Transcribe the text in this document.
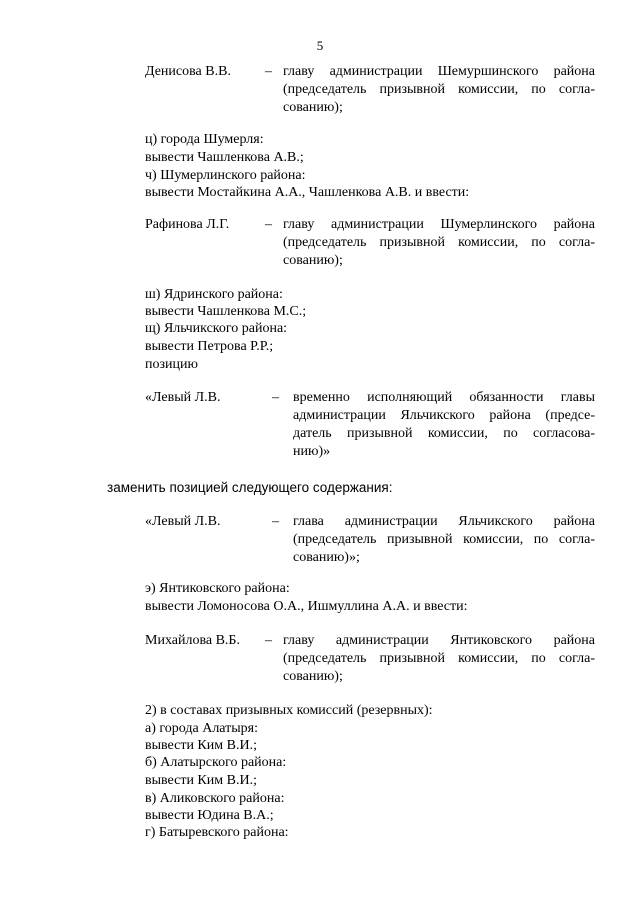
5
Денисова В.В. – главу администрации Шемуршинского района
(председатель призывной комиссии, по согла-
сованию);
ц) города Шумерля:
вывести Чашленкова А.В.;
ч) Шумерлинского района:
вывести Мостайкина А.А., Чашленкова А.В. и ввести:
Рафинова Л.Г.	– главу администрации Шумерлинского района
(председатель призывной комиссии, по согла-
сованию);
ш) Ядринского района:
вывести Чашленкова М.С.;
щ) Яльчикского района:
вывести Петрова Р.Р.;
позицию
«Левый Л.В.	– временно исполняющий обязанности главы
администрации Яльчикского района (предсе-
датель призывной комиссии, по согласова-
нию)»
заменить позицией следующего содержания:
«Левый Л.В.	– глава администрации Яльчикского района
(председатель призывной комиссии, по согла-
сованию)»;
э) Янтиковского района:
вывести Ломоносова О.А., Ишмуллина А.А. и ввести:
Михайлова В.Б. – главу администрации Янтиковского района
(председатель призывной комиссии, по согла-
сованию);
2) в составах призывных комиссий (резервных):
а) города Алатыря:
вывести Ким В.И.;
б) Алатырского района:
вывести Ким В.И.;
в) Аликовского района:
вывести Юдина В.А.;
г) Батыревского района:
